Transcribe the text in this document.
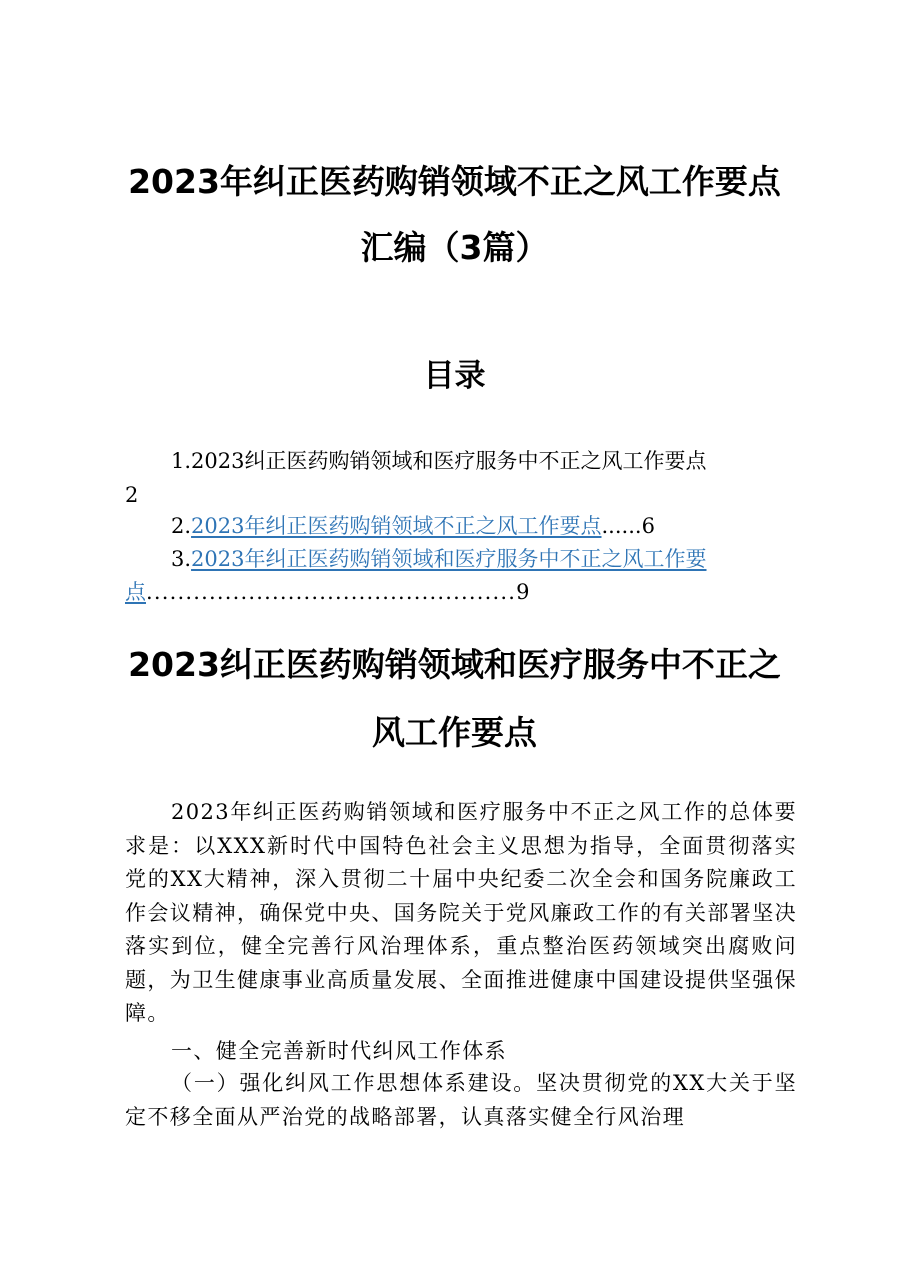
2023年纠正医药购销领域不正之风工作要点
汇编（3篇）
目录
1.2023纠正医药购销领域和医疗服务中不正之风工作要点
2
2.2023年纠正医药购销领域不正之风工作要点......6
3.2023年纠正医药购销领域和医疗服务中不正之风工作要
点...............................................9
2023纠正医药购销领域和医疗服务中不正之
风工作要点
2023年纠正医药购销领域和医疗服务中不正之风工作的总体要求是：以XXX新时代中国特色社会主义思想为指导，全面贯彻落实党的XX大精神，深入贯彻二十届中央纪委二次全会和国务院廉政工作会议精神，确保党中央、国务院关于党风廉政工作的有关部署坚决落实到位，健全完善行风治理体系，重点整治医药领域突出腐败问题，为卫生健康事业高质量发展、全面推进健康中国建设提供坚强保障。
一、健全完善新时代纠风工作体系
（一）强化纠风工作思想体系建设。坚决贯彻党的XX大关于坚定不移全面从严治党的战略部署，认真落实健全行风治理
